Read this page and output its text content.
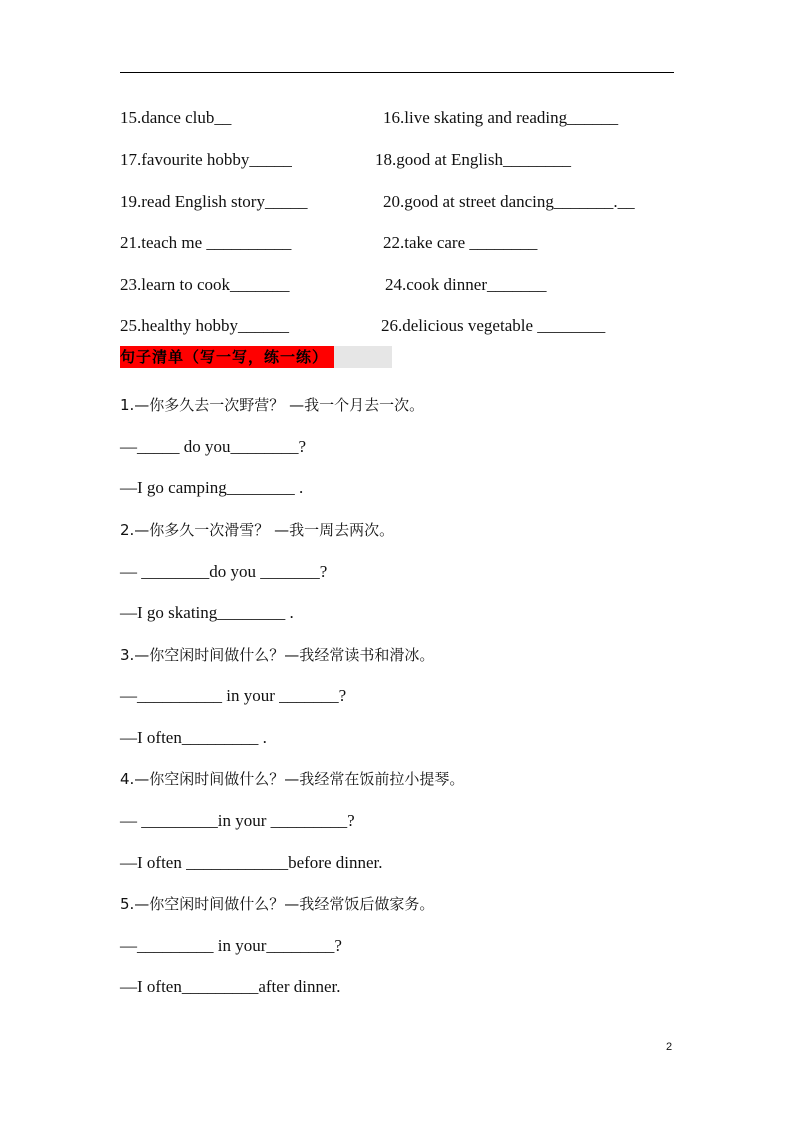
15.dance club__	16.live skating and reading______
17.favourite hobby_____	18.good at English________
19.read English story_____	20.good at street dancing_______.__
21.teach me __________	22.take care ________
23.learn to cook_______	24.cook dinner_______
25.healthy hobby______	26.delicious vegetable ________
句子清单（写一写，练一练）
1.—你多久去一次野营？ —我一个月去一次。
—_____ do you________?
—I go camping________ .
2.—你多久一次滑雪？ —我一周去两次。
— ________do you _______?
—I go skating________ .
3.—你空闲时间做什么？—我经常读书和滑冰。
—__________ in your _______?
—I often_________ .
4.—你空闲时间做什么？—我经常在饭前拉小提琴。
— _________in your _________?
—I often ____________before dinner.
5.—你空闲时间做什么？—我经常饭后做家务。
—_________ in your________?
—I often_________after dinner.
2
